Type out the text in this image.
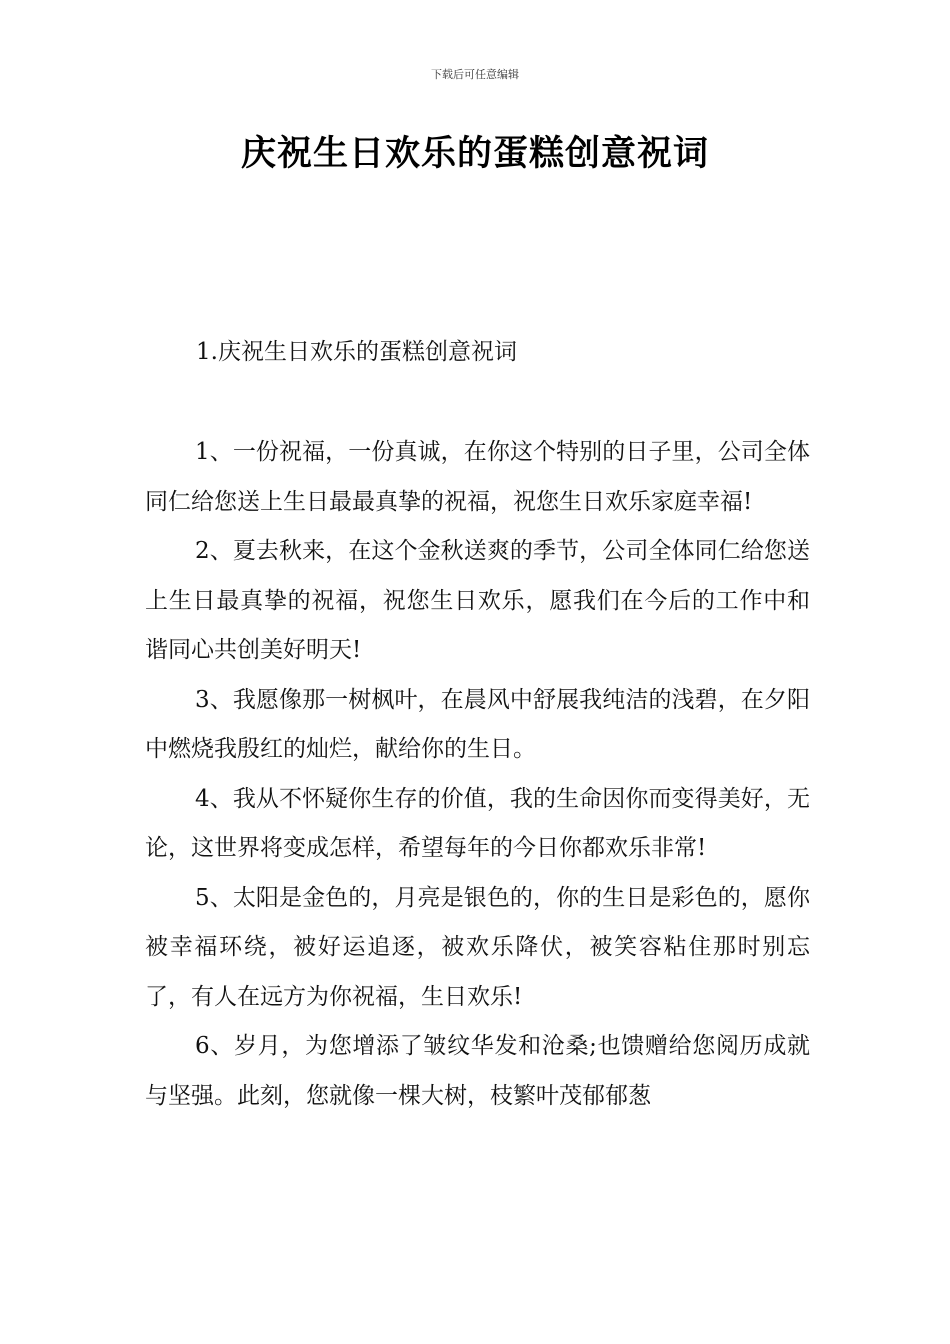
下载后可任意编辑
庆祝生日欢乐的蛋糕创意祝词
1.庆祝生日欢乐的蛋糕创意祝词

1、一份祝福，一份真诚，在你这个特别的日子里，公司全体同仁给您送上生日最最真挚的祝福，祝您生日欢乐家庭幸福!

2、夏去秋来，在这个金秋送爽的季节，公司全体同仁给您送上生日最真挚的祝福，祝您生日欢乐，愿我们在今后的工作中和谐同心共创美好明天!

3、我愿像那一树枫叶，在晨风中舒展我纯洁的浅碧，在夕阳中燃烧我殷红的灿烂，献给你的生日。

4、我从不怀疑你生存的价值，我的生命因你而变得美好，无论，这世界将变成怎样，希望每年的今日你都欢乐非常!

5、太阳是金色的，月亮是银色的，你的生日是彩色的，愿你被幸福环绕，被好运追逐，被欢乐降伏，被笑容粘住那时别忘了，有人在远方为你祝福，生日欢乐!

6、岁月，为您增添了皱纹华发和沧桑;也馈赠给您阅历成就与坚强。此刻，您就像一棵大树，枝繁叶茂郁郁葱
